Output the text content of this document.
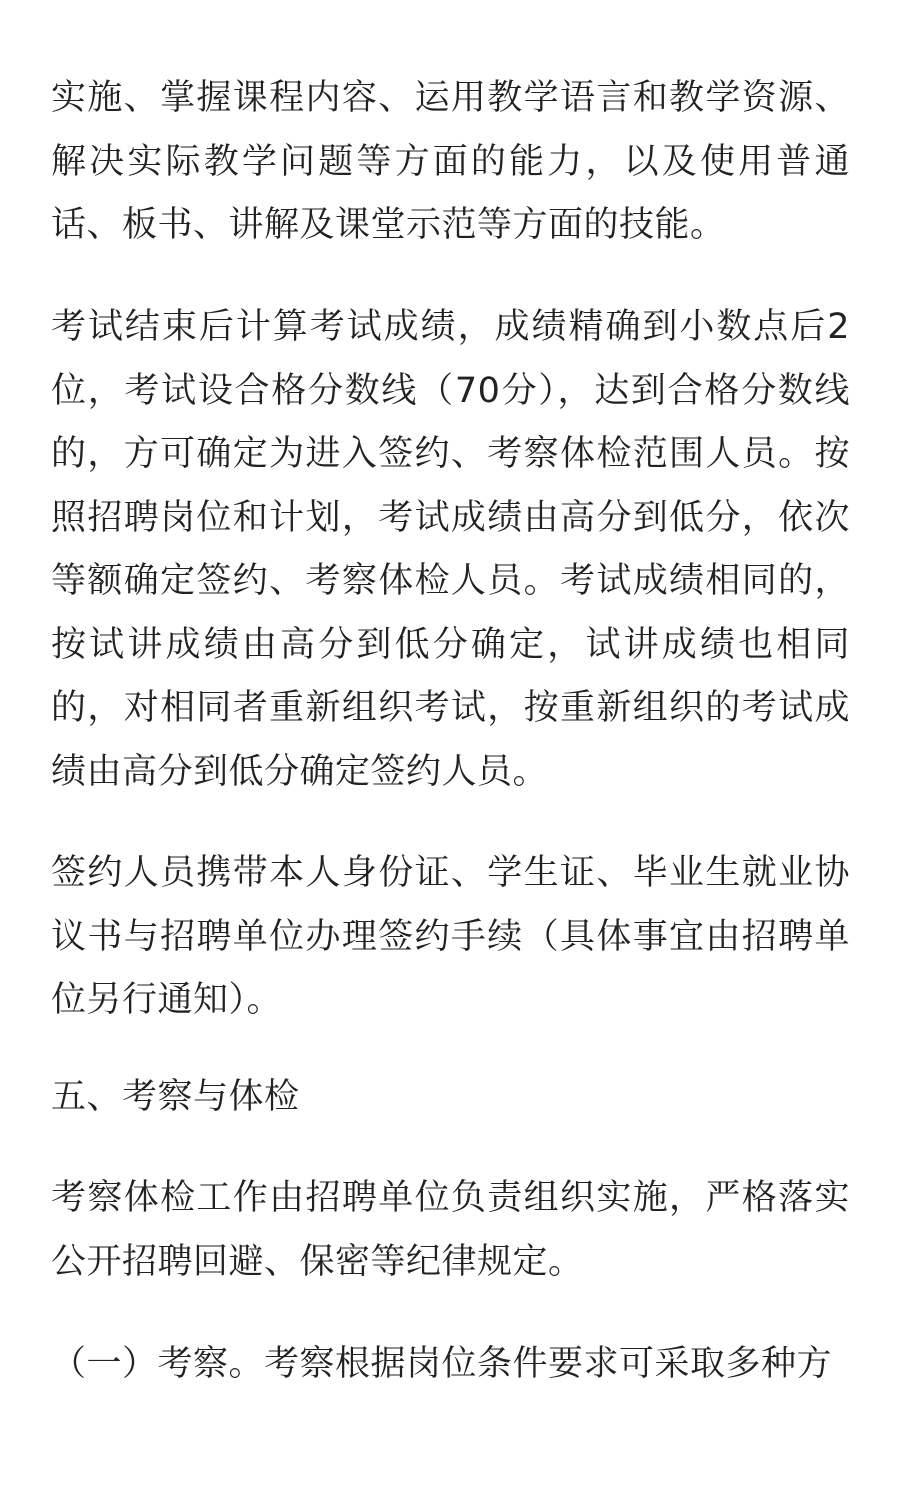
实施、掌握课程内容、运用教学语言和教学资源、解决实际教学问题等方面的能力，以及使用普通话、板书、讲解及课堂示范等方面的技能。

考试结束后计算考试成绩，成绩精确到小数点后2位，考试设合格分数线（70分），达到合格分数线的，方可确定为进入签约、考察体检范围人员。按照招聘岗位和计划，考试成绩由高分到低分，依次等额确定签约、考察体检人员。考试成绩相同的，按试讲成绩由高分到低分确定，试讲成绩也相同的，对相同者重新组织考试，按重新组织的考试成绩由高分到低分确定签约人员。

签约人员携带本人身份证、学生证、毕业生就业协议书与招聘单位办理签约手续（具体事宜由招聘单位另行通知）。

五、考察与体检

考察体检工作由招聘单位负责组织实施，严格落实公开招聘回避、保密等纪律规定。

（一）考察。考察根据岗位条件要求可采取多种方
